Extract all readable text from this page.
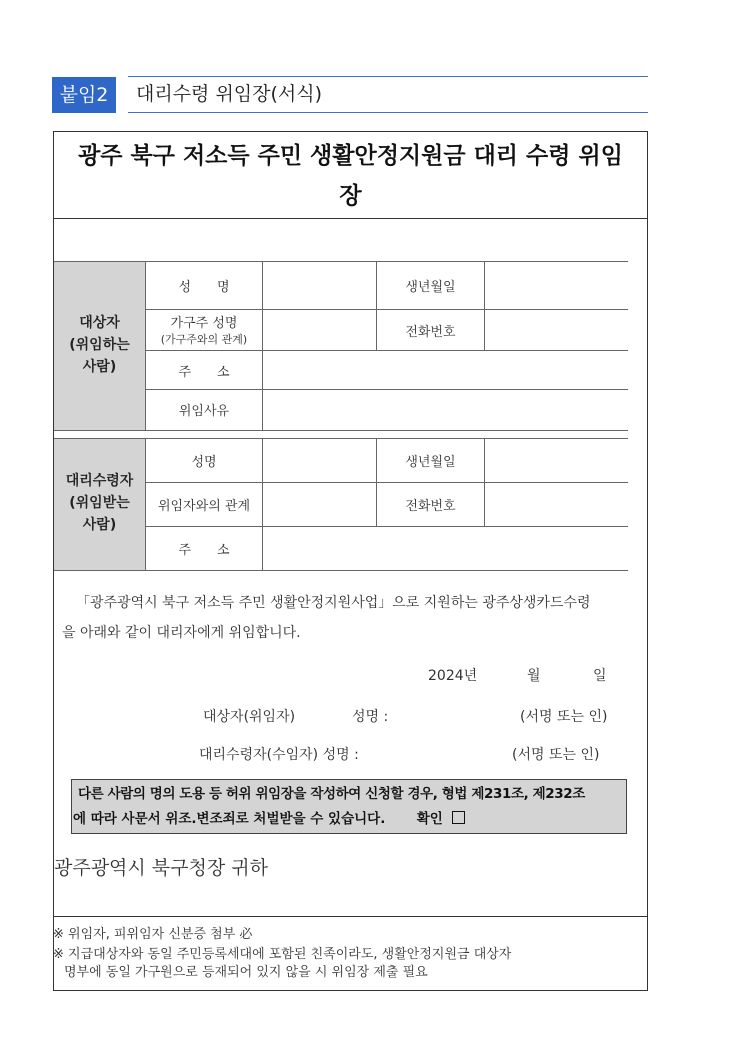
붙임2	대리수령 위임장(서식)
광주 북구 저소득 주민 생활안정지원금 대리 수령 위임
장
대상자
(위임하는
사람)
성　　명	생년월일
가구주 성명
(가구주와의 관계)	전화번호
주　　소
위임사유
대리수령자
(위임받는
사람)
성명	생년월일
위임자와의 관계	전화번호
주　　소
「광주광역시 북구 저소득 주민 생활안정지원사업」으로 지원하는 광주상생카드수령
을 아래와 같이 대리자에게 위임합니다.
2024년	월	일
대상자(위임자)	성명 :	(서명 또는 인)
대리수령자(수임자) 성명 :	(서명 또는 인)
다른 사람의 명의 도용 등 허위 위임장을 작성하여 신청할 경우, 형법 제231조, 제232조
에 따라 사문서 위조.변조죄로 처벌받을 수 있습니다. 확인
광주광역시 북구청장 귀하
※ 위임자, 피위임자 신분증 첨부 必
※ 지급대상자와 동일 주민등록세대에 포함된 친족이라도, 생활안정지원금 대상자
명부에 동일 가구원으로 등재되어 있지 않을 시 위임장 제출 필요
